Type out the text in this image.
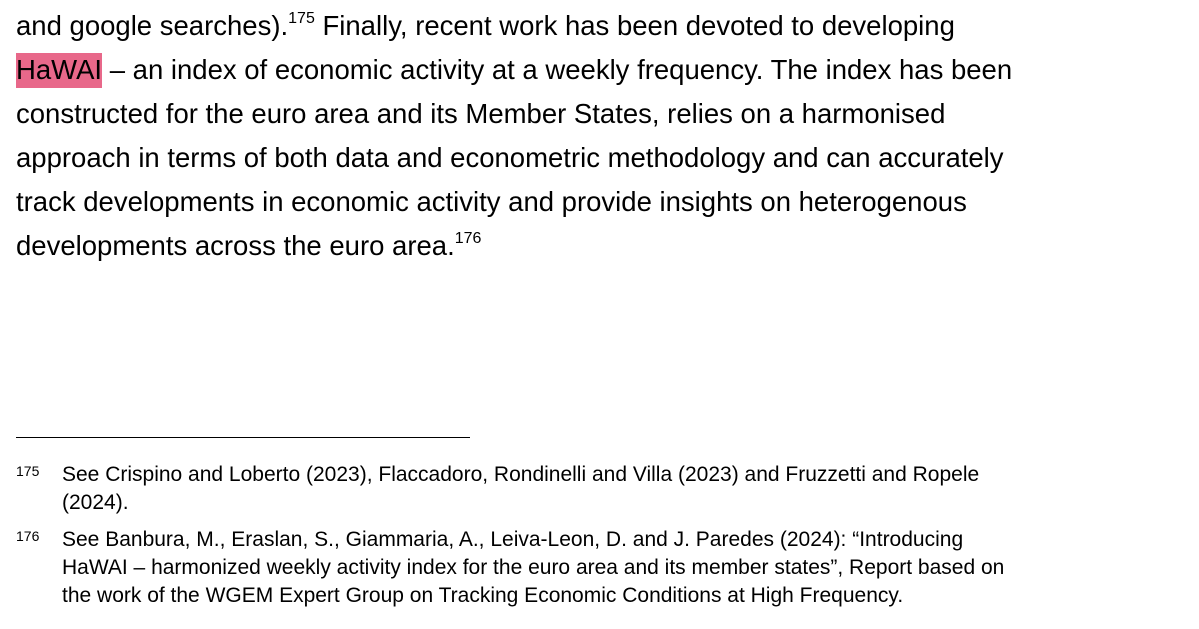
and google searches).$^{175}$ Finally, recent work has been devoted to developing
HaWAI – an index of economic activity at a weekly frequency. The index has been
constructed for the euro area and its Member States, relies on a harmonised
approach in terms of both data and econometric methodology and can accurately
track developments in economic activity and provide insights on heterogenous
developments across the euro area.$^{176}$
175 See Crispino and Loberto (2023), Flaccadoro, Rondinelli and Villa (2023) and Fruzzetti and Ropele
(2024).
176 See Banbura, M., Eraslan, S., Giammaria, A., Leiva-Leon, D. and J. Paredes (2024): “Introducing
HaWAI – harmonized weekly activity index for the euro area and its member states”, Report based on
the work of the WGEM Expert Group on Tracking Economic Conditions at High Frequency.
